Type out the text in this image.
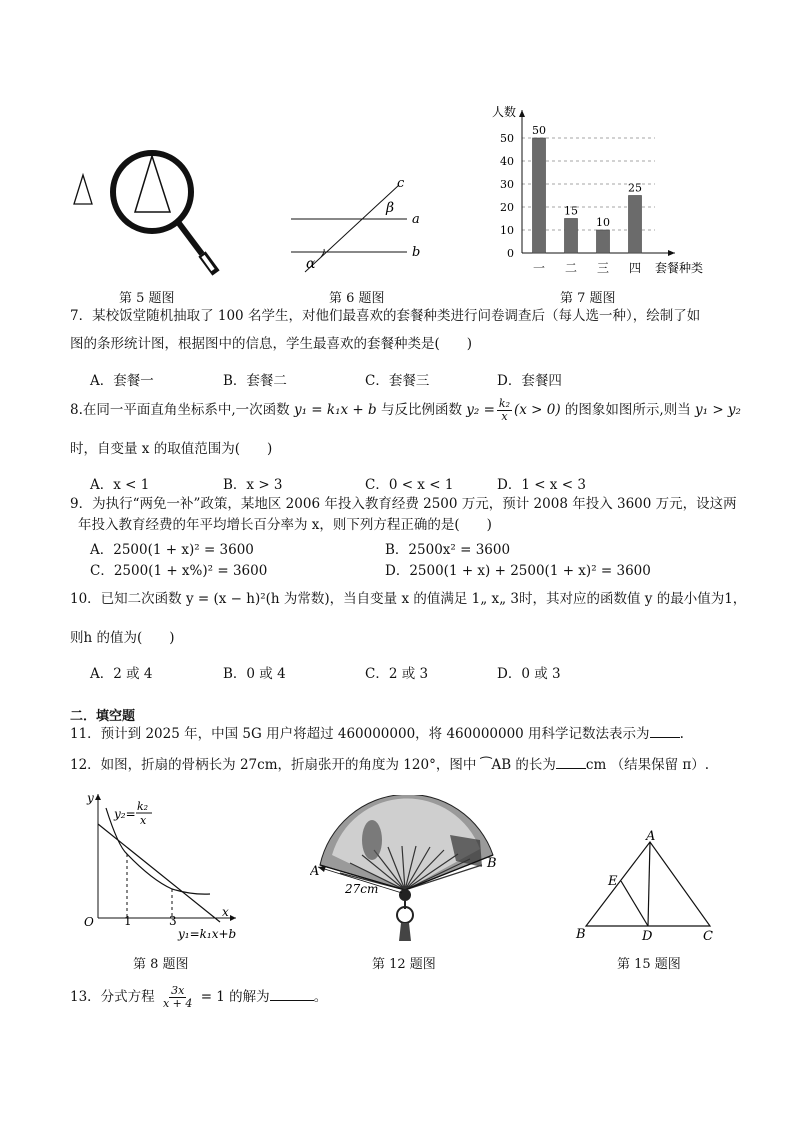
第 5 题图
c
a
b
β
α
第 6 题图
0
10
20
30
40
50
人数
套餐种类
50
一
15
二
10
三
25
四
第 7 题图
7．某校饭堂随机抽取了 100 名学生，对他们最喜欢的套餐种类进行问卷调查后（每人选一种），绘制了如
图的条形统计图，根据图中的信息，学生最喜欢的套餐种类是(　　)
A．套餐一	B．套餐二	C．套餐三	D．套餐四
8.在同一平面直角坐标系中,一次函数 y₁ = k₁x + b 与反比例函数 $y_2 = \frac{\text{k₂}}{x} (x > 0)$ 的图象如图所示,则当 y₁ > y₂
时，自变量 x 的取值范围为(　　)
A．x < 1	B．x > 3	C．0 < x < 1	D．1 < x < 3
9．为执行“两免一补”政策，某地区 2006 年投入教育经费 2500 万元，预计 2008 年投入 3600 万元，设这两
年投入教育经费的年平均增长百分率为 x，则下列方程正确的是(　　)
A．2500(1 + x)² = 3600	B．2500x² = 3600
C．2500(1 + x%)² = 3600	D．2500(1 + x) + 2500(1 + x)² = 3600
10．已知二次函数 y = (x − h)²(h 为常数)，当自变量 x 的值满足 1„ x„ 3时，其对应的函数值 y 的最小值为1，
则h 的值为(　　)
A．2 或 4	B．0 或 4	C．2 或 3	D．0 或 3
二．填空题
11．预计到 2025 年，中国 5G 用户将超过 460000000，将 460000000 用科学记数法表示为 .
12．如图，折扇的骨柄长为 27cm，折扇张开的角度为 120°，图中 ⁀AB 的长为 cm （结果保留 π）.
y
x
O	1	3
y₂=
k₂
x
y₁=k₁x+b
第 8 题图
A
B
27cm
第 12 题图
A
B	C
D
E
第 15 题图
13．分式方程 $\frac{3x}{x + 4} = 1$ 的解为	。
